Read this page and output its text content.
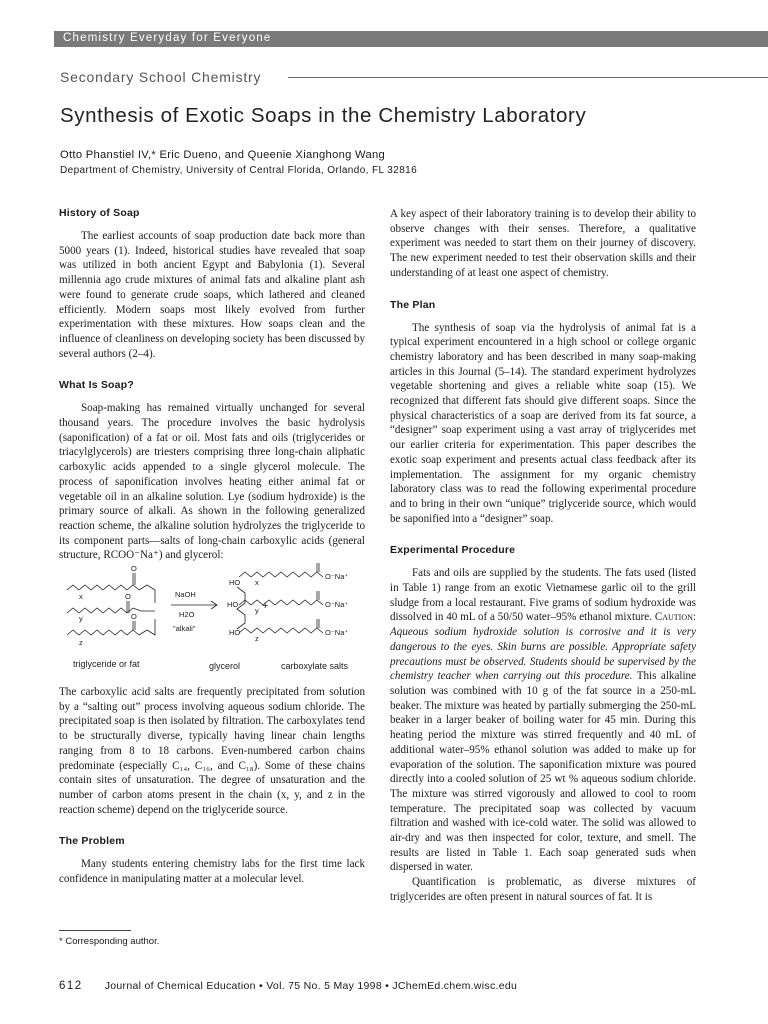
Chemistry Everyday for Everyone
Secondary School Chemistry
Synthesis of Exotic Soaps in the Chemistry Laboratory
Otto Phanstiel IV,* Eric Dueno, and Queenie Xianghong Wang
Department of Chemistry, University of Central Florida, Orlando, FL 32816

History of Soap

The earliest accounts of soap production date back more than 5000 years (1). Indeed, historical studies have revealed that soap was utilized in both ancient Egypt and Babylonia (1). Several millennia ago crude mixtures of animal fats and alkaline plant ash were found to generate crude soaps, which lathered and cleaned efficiently. Modern soaps most likely evolved from further experimentation with these mixtures. How soaps clean and the influence of cleanliness on developing society has been discussed by several authors (2–4).

What Is Soap?

Soap-making has remained virtually unchanged for several thousand years. The procedure involves the basic hydrolysis (saponification) of a fat or oil. Most fats and oils (triglycerides or triacylglycerols) are triesters comprising three long-chain aliphatic carboxylic acids appended to a single glycerol molecule. The process of saponification involves heating either animal fat or vegetable oil in an alkaline solution. Lye (sodium hydroxide) is the primary source of alkali. As shown in the following generalized reaction scheme, the alkaline solution hydrolyzes the triglyceride to its component parts—salts of long-chain carboxylic acids (general structure, RCOO⁻Na⁺) and glycerol:

O
O
O
x
y
z
NaOH
H2O
"alkali"
HO
HO
HO
+
O⁻Na⁺
O⁻Na⁺
O⁻Na⁺
x
y
z
triglyceride or fat	glycerol	carboxylate salts

The carboxylic acid salts are frequently precipitated from solution by a “salting out” process involving aqueous sodium chloride. The precipitated soap is then isolated by filtration. The carboxylates tend to be structurally diverse, typically having linear chain lengths ranging from 8 to 18 carbons. Even-numbered carbon chains predominate (especially C₁₄, C₁₆, and C₁₈). Some of these chains contain sites of unsaturation. The degree of unsaturation and the number of carbon atoms present in the chain (x, y, and z in the reaction scheme) depend on the triglyceride source.

The Problem

Many students entering chemistry labs for the first time lack confidence in manipulating matter at a molecular level.

A key aspect of their laboratory training is to develop their ability to observe changes with their senses. Therefore, a qualitative experiment was needed to start them on their journey of discovery. The new experiment needed to test their observation skills and their understanding of at least one aspect of chemistry.

The Plan

The synthesis of soap via the hydrolysis of animal fat is a typical experiment encountered in a high school or college organic chemistry laboratory and has been described in many soap-making articles in this Journal (5–14). The standard experiment hydrolyzes vegetable shortening and gives a reliable white soap (15). We recognized that different fats should give different soaps. Since the physical characteristics of a soap are derived from its fat source, a “designer” soap experiment using a vast array of triglycerides met our earlier criteria for experimentation. This paper describes the exotic soap experiment and presents actual class feedback after its implementation. The assignment for my organic chemistry laboratory class was to read the following experimental procedure and to bring in their own “unique” triglyceride source, which would be saponified into a “designer” soap.

Experimental Procedure

Fats and oils are supplied by the students. The fats used (listed in Table 1) range from an exotic Vietnamese garlic oil to the grill sludge from a local restaurant. Five grams of sodium hydroxide was dissolved in 40 mL of a 50/50 water–95% ethanol mixture. Caution: Aqueous sodium hydroxide solution is corrosive and it is very dangerous to the eyes. Skin burns are possible. Appropriate safety precautions must be observed. Students should be supervised by the chemistry teacher when carrying out this procedure. This alkaline solution was combined with 10 g of the fat source in a 250-mL beaker. The mixture was heated by partially submerging the 250-mL beaker in a larger beaker of boiling water for 45 min. During this heating period the mixture was stirred frequently and 40 mL of additional water–95% ethanol solution was added to make up for evaporation of the solution. The saponification mixture was poured directly into a cooled solution of 25 wt % aqueous sodium chloride. The mixture was stirred vigorously and allowed to cool to room temperature. The precipitated soap was collected by vacuum filtration and washed with ice-cold water. The solid was allowed to air-dry and was then inspected for color, texture, and smell. The results are listed in Table 1. Each soap generated suds when dispersed in water.

Quantification is problematic, as diverse mixtures of triglycerides are often present in natural sources of fat. It is

* Corresponding author.
612 Journal of Chemical Education • Vol. 75 No. 5 May 1998 • JChemEd.chem.wisc.edu
